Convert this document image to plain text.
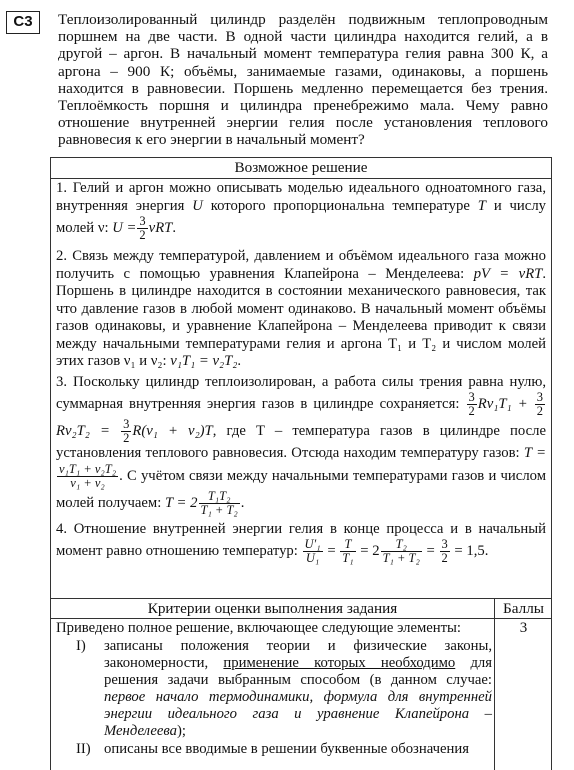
С3	Теплоизолированный цилиндр разделён подвижным теплопроводным поршнем на две части. В одной части цилиндра находится гелий, а в другой – аргон. В начальный момент температура гелия равна 300 К, а аргона – 900 К; объёмы, занимаемые газами, одинаковы, а поршень находится в равновесии. Поршень медленно перемещается без трения. Теплоёмкость поршня и цилиндра пренебрежимо мала. Чему равно отношение внутренней энергии гелия после установления теплового равновесия к его энергии в начальный момент?
Возможное решение

1. Гелий и аргон можно описывать моделью идеального одноатомного газа, внутренняя энергия U которого пропорциональна температуре T и числу молей ν: $U = \frac{3}{2} \nu RT$.

2. Связь между температурой, давлением и объёмом идеального газа можно получить с помощью уравнения Клапейрона – Менделеева: pV = νRT. Поршень в цилиндре находится в состоянии механического равновесия, так что давление газов в любой момент одинаково. В начальный момент объёмы газов одинаковы, и уравнение Клапейрона – Менделеева приводит к связи между начальными температурами гелия и аргона T₁ и T₂ и числом молей этих газов ν₁ и ν₂: ν₁T₁ = ν₂T₂.

3. Поскольку цилиндр теплоизолирован, а работа силы трения равна нулю, суммарная внутренняя энергия газов в цилиндре сохраняется: $\frac{3}{2} R\nu_1T_1 + \frac{3}{2}$
$R\nu_2T_2 = \frac{3}{2} R(\nu_1 + \nu_2)T$, где T – температура газов в цилиндре после установления теплового равновесия. Отсюда находим температуру газов: T =
$\frac{\text{ν₁T₁ + ν₂T₂}}{\text{ν₁ + ν₂}}$ . С учётом связи между начальными температурами газов и числом молей получаем: $T = 2 \frac{\text{T₁T₂}}{\text{T₁ + T₂}}$ .

4. Отношение внутренней энергии гелия в конце процесса и в начальный момент равно отношению температур: $\frac{\text{U′₁}}{\text{U₁}} = \frac{T}{\text{T₁}} = 2 \frac{\text{T₂}}{\text{T₁ + T₂}} = \frac{3}{2} = 1,5$.

Критерии оценки выполнения задания	Баллы

Приведено полное решение, включающее следующие элементы:

I) записаны положения теории и физические законы, закономерности, применение которых необходимо для решения задачи выбранным способом (в данном случае: первое начало термодинамики, формула для внутренней энергии идеального газа и уравнение Клапейрона – Менделеева);
II) описаны все вводимые в решении буквенные обозначения
3
